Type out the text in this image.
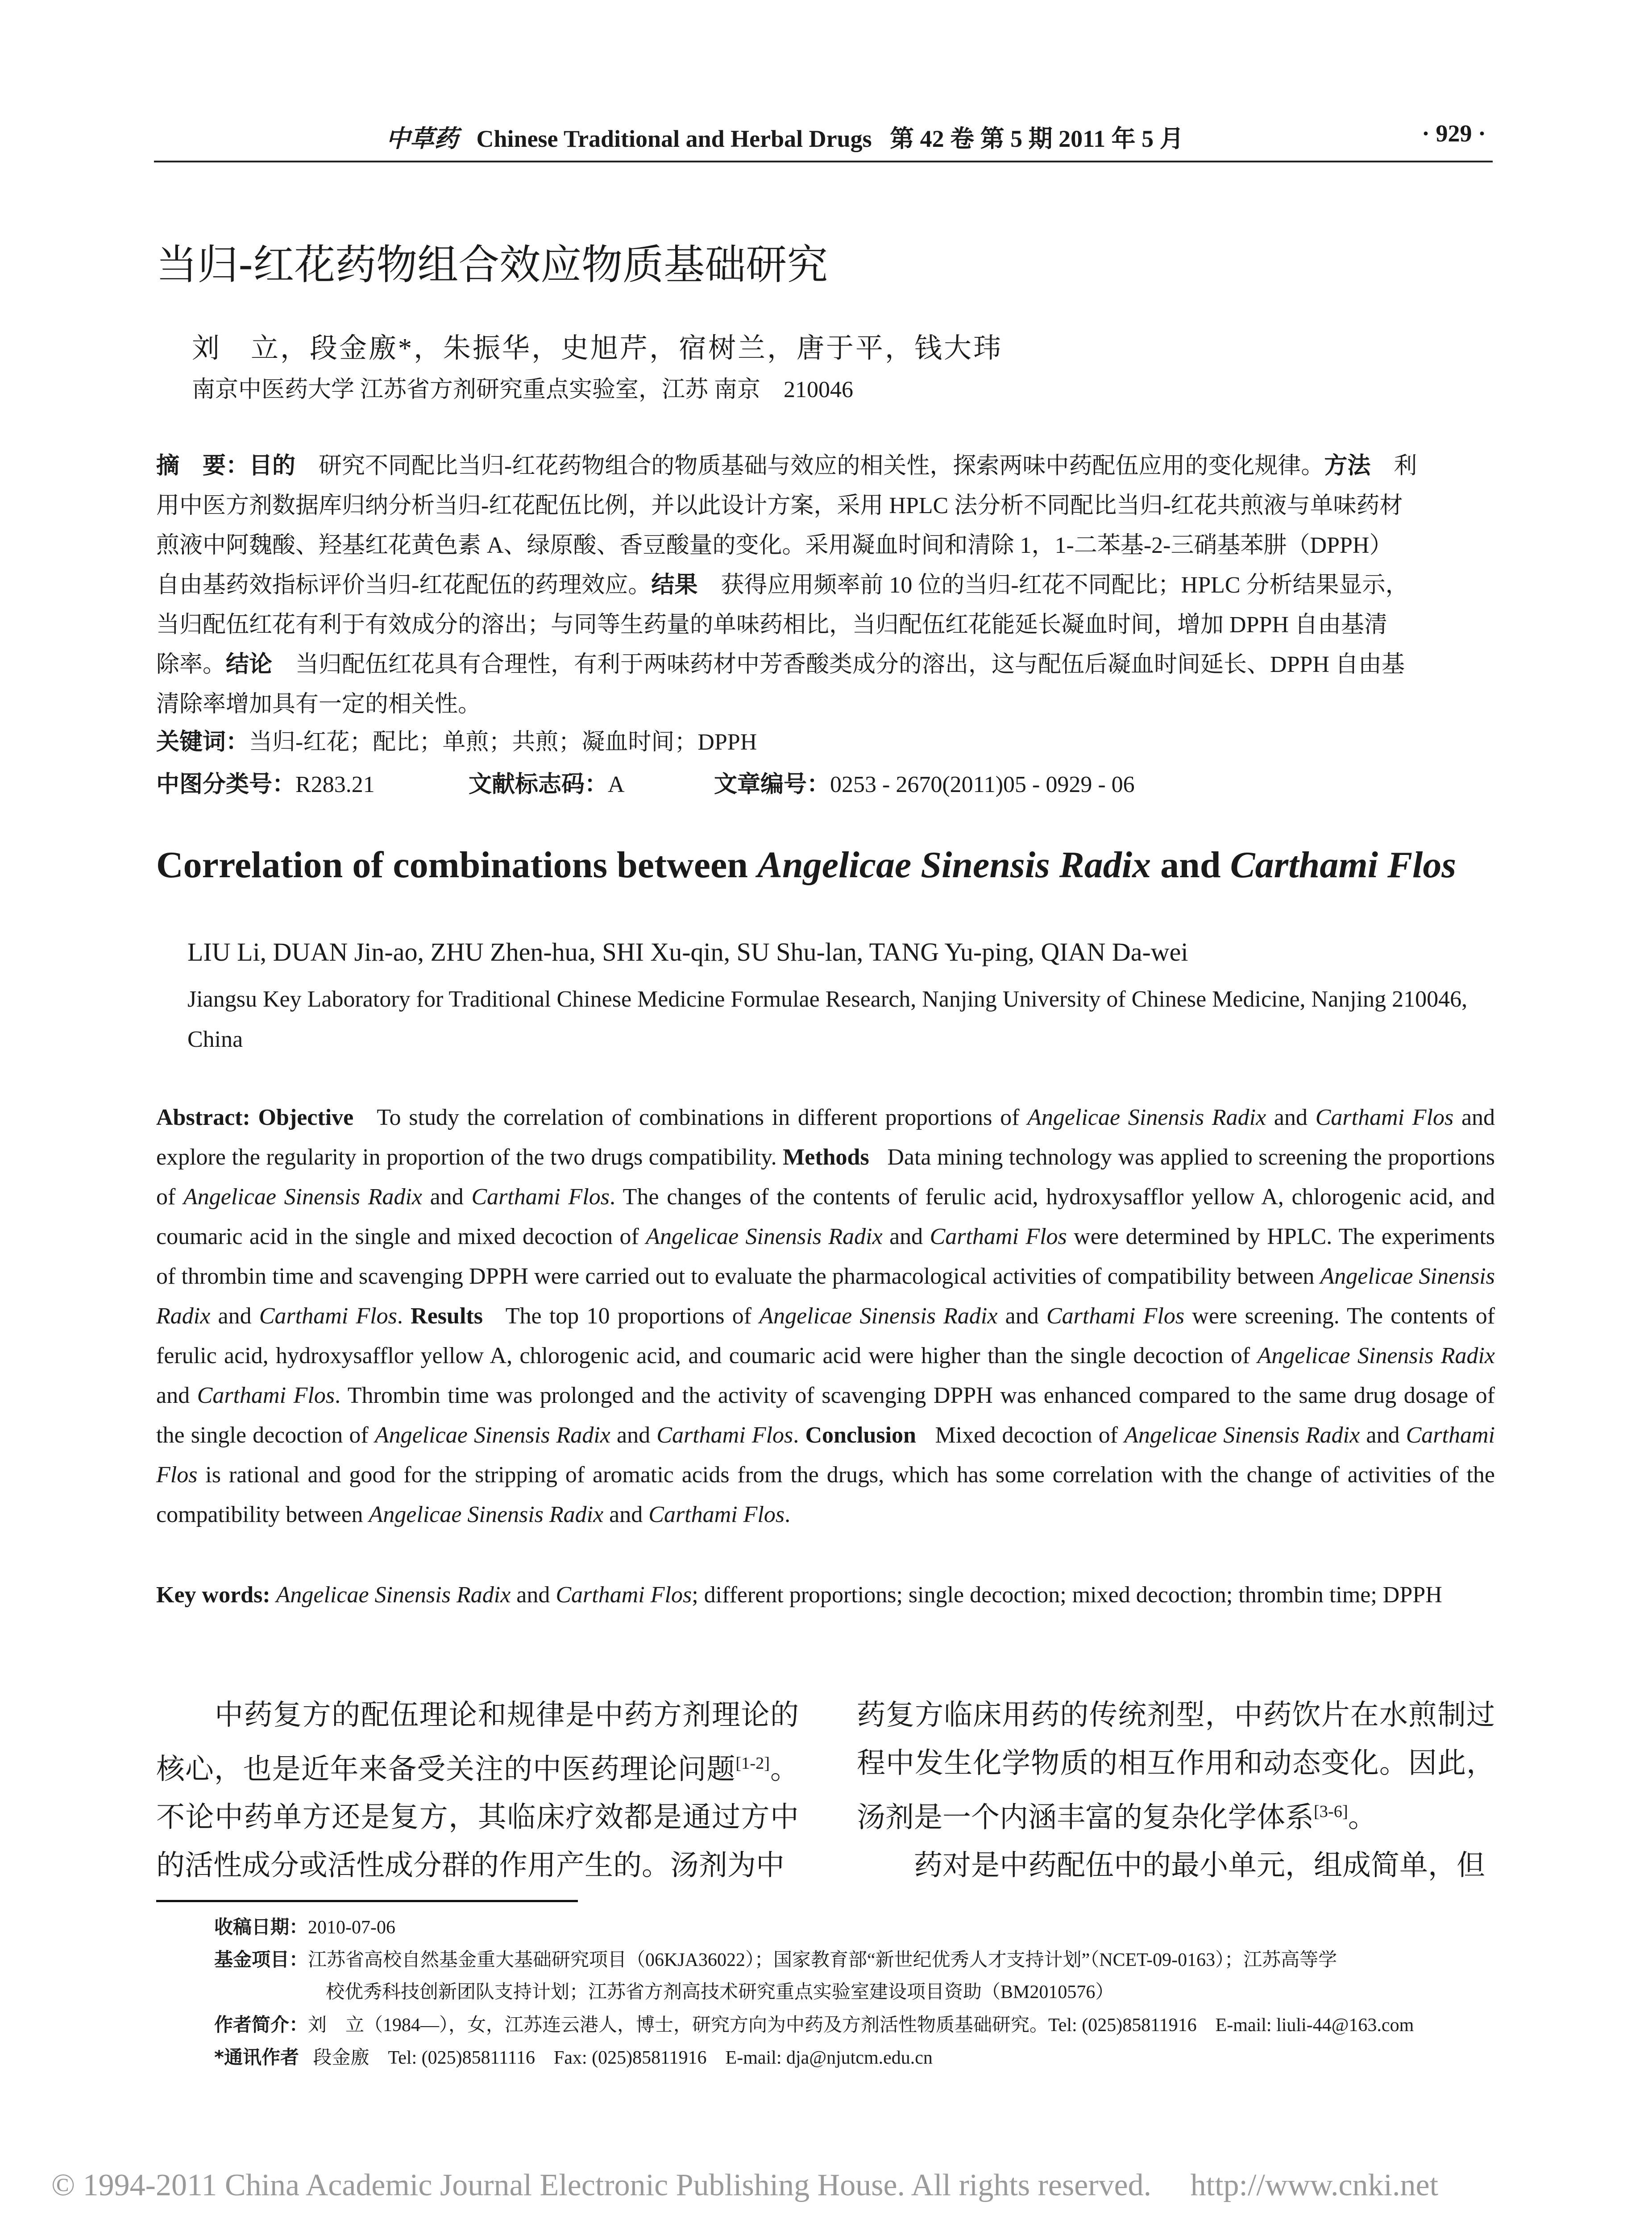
中草药 Chinese Traditional and Herbal Drugs 第 42 卷 第 5 期 2011 年 5 月	· 929 ·
当归-红花药物组合效应物质基础研究
刘　立，段金廒*，朱振华，史旭芹，宿树兰，唐于平，钱大玮
南京中医药大学 江苏省方剂研究重点实验室，江苏 南京　210046
摘　要：目的　研究不同配比当归-红花药物组合的物质基础与效应的相关性，探索两味中药配伍应用的变化规律。方法　利
用中医方剂数据库归纳分析当归-红花配伍比例，并以此设计方案，采用 HPLC 法分析不同配比当归-红花共煎液与单味药材
煎液中阿魏酸、羟基红花黄色素 A、绿原酸、香豆酸量的变化。采用凝血时间和清除 1，1-二苯基-2-三硝基苯肼（DPPH）
自由基药效指标评价当归-红花配伍的药理效应。结果　获得应用频率前 10 位的当归-红花不同配比；HPLC 分析结果显示，
当归配伍红花有利于有效成分的溶出；与同等生药量的单味药相比，当归配伍红花能延长凝血时间，增加 DPPH 自由基清
除率。结论　当归配伍红花具有合理性，有利于两味药材中芳香酸类成分的溶出，这与配伍后凝血时间延长、DPPH 自由基
清除率增加具有一定的相关性。
关键词：当归-红花；配比；单煎；共煎；凝血时间；DPPH
中图分类号：R283.21	文献标志码：A	文章编号：0253 - 2670(2011)05 - 0929 - 06
Correlation of combinations between Angelicae Sinensis Radix and Carthami Flos
LIU Li, DUAN Jin-ao, ZHU Zhen-hua, SHI Xu-qin, SU Shu-lan, TANG Yu-ping, QIAN Da-wei
Jiangsu Key Laboratory for Traditional Chinese Medicine Formulae Research, Nanjing University of Chinese Medicine, Nanjing 210046, China
Abstract: Objective To study the correlation of combinations in different proportions of Angelicae Sinensis Radix and Carthami Flos and explore the regularity in proportion of the two drugs compatibility. Methods Data mining technology was applied to screening the proportions of Angelicae Sinensis Radix and Carthami Flos. The changes of the contents of ferulic acid, hydroxysafflor yellow A, chlorogenic acid, and coumaric acid in the single and mixed decoction of Angelicae Sinensis Radix and Carthami Flos were determined by HPLC. The experiments of thrombin time and scavenging DPPH were carried out to evaluate the pharmacological activities of compatibility between Angelicae Sinensis Radix and Carthami Flos. Results The top 10 proportions of Angelicae Sinensis Radix and Carthami Flos were screening. The contents of ferulic acid, hydroxysafflor yellow A, chlorogenic acid, and coumaric acid were higher than the single decoction of Angelicae Sinensis Radix and Carthami Flos. Thrombin time was prolonged and the activity of scavenging DPPH was enhanced compared to the same drug dosage of the single decoction of Angelicae Sinensis Radix and Carthami Flos. Conclusion Mixed decoction of Angelicae Sinensis Radix and Carthami Flos is rational and good for the stripping of aromatic acids from the drugs, which has some correlation with the change of activities of the compatibility between Angelicae Sinensis Radix and Carthami Flos.
Key words: Angelicae Sinensis Radix and Carthami Flos; different proportions; single decoction; mixed decoction; thrombin time; DPPH

　　中药复方的配伍理论和规律是中药方剂理论的核心，也是近年来备受关注的中医药理论问题[1-2]。不论中药单方还是复方，其临床疗效都是通过方中的活性成分或活性成分群的作用产生的。汤剂为中

药复方临床用药的传统剂型，中药饮片在水煎制过程中发生化学物质的相互作用和动态变化。因此，汤剂是一个内涵丰富的复杂化学体系[3-6]。

　　药对是中药配伍中的最小单元，组成简单，但

收稿日期：2010-07-06
基金项目：江苏省高校自然基金重大基础研究项目（06KJA36022）；国家教育部“新世纪优秀人才支持计划”（NCET-09-0163）；江苏高等学
校优秀科技创新团队支持计划；江苏省方剂高技术研究重点实验室建设项目资助（BM2010576）
作者简介：刘　立（1984—），女，江苏连云港人，博士，研究方向为中药及方剂活性物质基础研究。Tel: (025)85811916　E-mail: liuli-44@163.com
*通讯作者 段金廒　Tel: (025)85811116　Fax: (025)85811916　E-mail: dja@njutcm.edu.cn
© 1994-2011 China Academic Journal Electronic Publishing House. All rights reserved.　 http://www.cnki.net
